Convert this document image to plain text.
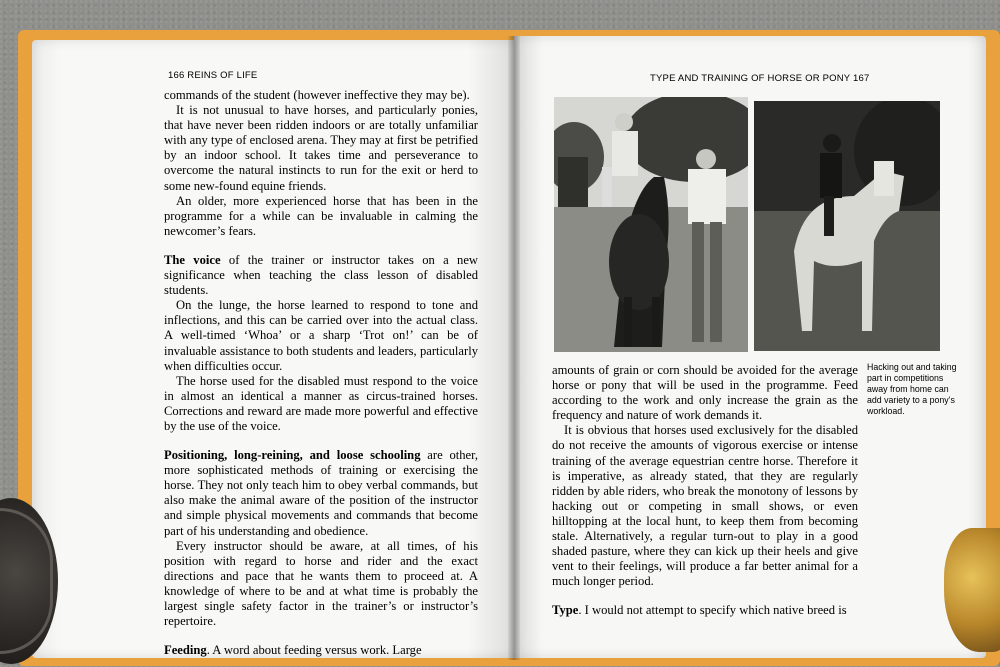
166 REINS OF LIFE	TYPE AND TRAINING OF HORSE OR PONY 167

commands of the student (however ineffective they may be).

It is not unusual to have horses, and particularly ponies, that have never been ridden indoors or are totally unfamiliar with any type of enclosed arena. They may at first be petrified by an indoor school. It takes time and perseverance to overcome the natural instincts to run for the exit or herd to some new-found equine friends.

An older, more experienced horse that has been in the programme for a while can be invaluable in calming the newcomer’s fears.

The voice of the trainer or instructor takes on a new significance when teaching the class lesson of disabled students.

On the lunge, the horse learned to respond to tone and inflections, and this can be carried over into the actual class. A well-timed ‘Whoa’ or a sharp ‘Trot on!’ can be of invaluable assistance to both students and leaders, particularly when difficulties occur.

The horse used for the disabled must respond to the voice in almost an identical a manner as circus-trained horses. Corrections and reward are made more powerful and effective by the use of the voice.

Positioning, long-reining, and loose schooling are other, more sophisticated methods of training or exercising the horse. They not only teach him to obey verbal commands, but also make the animal aware of the position of the instructor and simple physical movements and commands that become part of his understanding and obedience.

Every instructor should be aware, at all times, of his position with regard to horse and rider and the exact directions and pace that he wants them to proceed at. A knowledge of where to be and at what time is probably the largest single safety factor in the trainer’s or instructor’s repertoire.

Feeding. A word about feeding versus work. Large

amounts of grain or corn should be avoided for the average horse or pony that will be used in the programme. Feed according to the work and only increase the grain as the frequency and nature of work demands it.

It is obvious that horses used exclusively for the disabled do not receive the amounts of vigorous exercise or intense training of the average equestrian centre horse. Therefore it is imperative, as already stated, that they are regularly ridden by able riders, who break the monotony of lessons by hacking out or competing in small shows, or even hilltopping at the local hunt, to keep them from becoming stale. Alternatively, a regular turn-out to play in a good shaded pasture, where they can kick up their heels and give vent to their feelings, will produce a far better animal for a much longer period.

Type. I would not attempt to specify which native breed is

Hacking out and taking part in competitions away from home can add variety to a pony’s workload.
